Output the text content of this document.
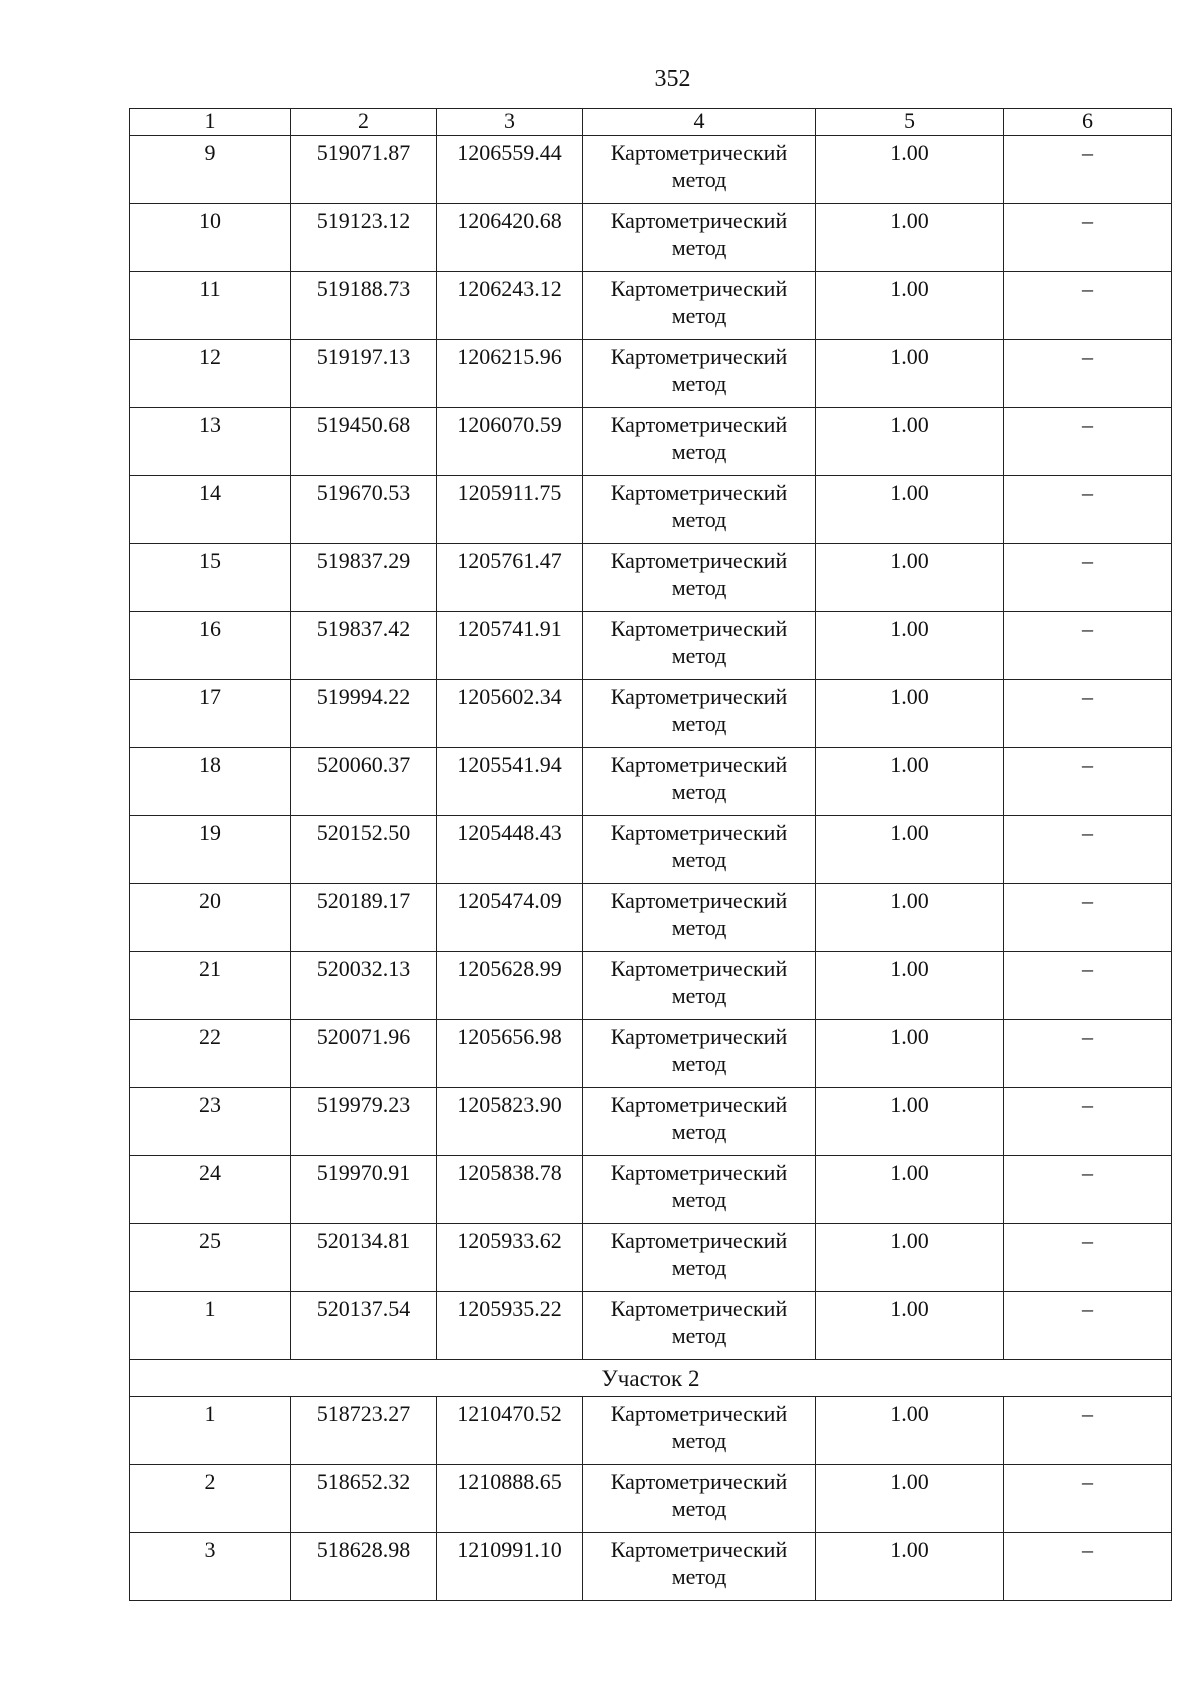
352
1	2	3	4	5	6
9	519071.87	1206559.44	Картометрический метод	1.00	–
10	519123.12	1206420.68	Картометрический метод	1.00	–
11	519188.73	1206243.12	Картометрический метод	1.00	–
12	519197.13	1206215.96	Картометрический метод	1.00	–
13	519450.68	1206070.59	Картометрический метод	1.00	–
14	519670.53	1205911.75	Картометрический метод	1.00	–
15	519837.29	1205761.47	Картометрический метод	1.00	–
16	519837.42	1205741.91	Картометрический метод	1.00	–
17	519994.22	1205602.34	Картометрический метод	1.00	–
18	520060.37	1205541.94	Картометрический метод	1.00	–
19	520152.50	1205448.43	Картометрический метод	1.00	–
20	520189.17	1205474.09	Картометрический метод	1.00	–
21	520032.13	1205628.99	Картометрический метод	1.00	–
22	520071.96	1205656.98	Картометрический метод	1.00	–
23	519979.23	1205823.90	Картометрический метод	1.00	–
24	519970.91	1205838.78	Картометрический метод	1.00	–
25	520134.81	1205933.62	Картометрический метод	1.00	–
1	520137.54	1205935.22	Картометрический метод	1.00	–
Участок 2					
1	518723.27	1210470.52	Картометрический метод	1.00	–
2	518652.32	1210888.65	Картометрический метод	1.00	–
3	518628.98	1210991.10	Картометрический метод	1.00	–
